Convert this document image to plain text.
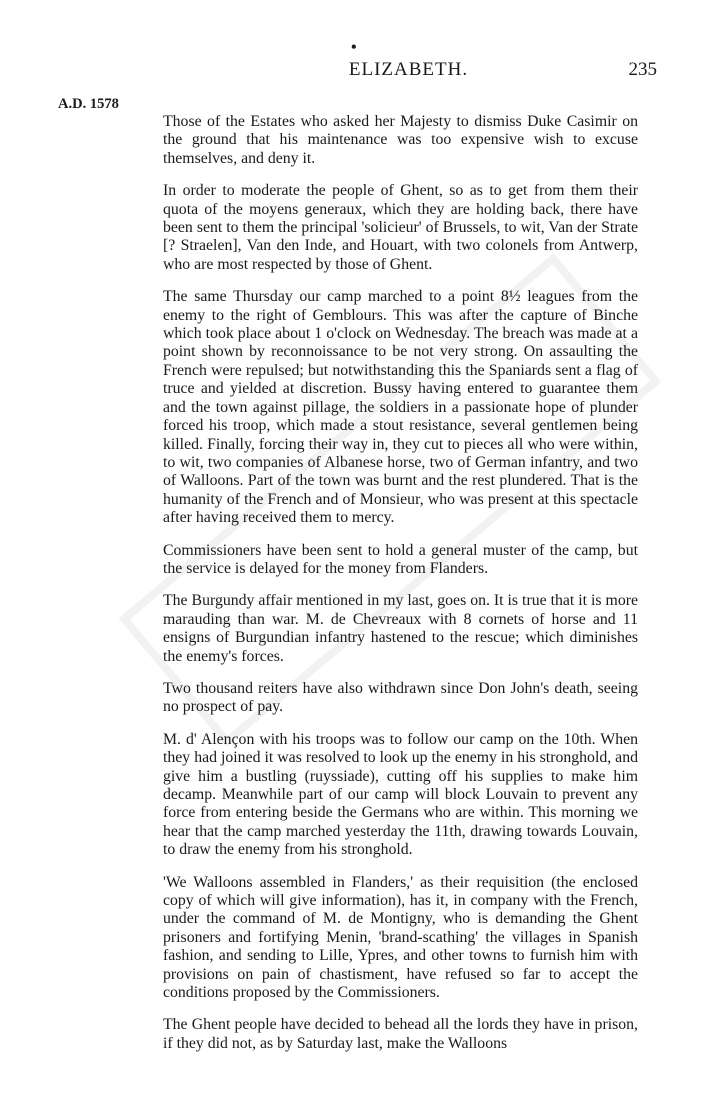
•
ELIZABETH.	235
A.D. 1578

Those of the Estates who asked her Majesty to dismiss Duke Casimir on the ground that his maintenance was too expensive wish to excuse themselves, and deny it.

In order to moderate the people of Ghent, so as to get from them their quota of the moyens generaux, which they are holding back, there have been sent to them the principal 'solicieur' of Brussels, to wit, Van der Strate [? Straelen], Van den Inde, and Houart, with two colonels from Antwerp, who are most respected by those of Ghent.

The same Thursday our camp marched to a point 8½ leagues from the enemy to the right of Gemblours. This was after the capture of Binche which took place about 1 o'clock on Wednesday. The breach was made at a point shown by reconnoissance to be not very strong. On assaulting the French were repulsed; but notwithstanding this the Spaniards sent a flag of truce and yielded at discretion. Bussy having entered to guarantee them and the town against pillage, the soldiers in a passionate hope of plunder forced his troop, which made a stout resistance, several gentlemen being killed. Finally, forcing their way in, they cut to pieces all who were within, to wit, two companies of Albanese horse, two of German infantry, and two of Walloons. Part of the town was burnt and the rest plundered. That is the humanity of the French and of Monsieur, who was present at this spectacle after having received them to mercy.

Commissioners have been sent to hold a general muster of the camp, but the service is delayed for the money from Flanders.

The Burgundy affair mentioned in my last, goes on. It is true that it is more marauding than war. M. de Chevreaux with 8 cornets of horse and 11 ensigns of Burgundian infantry hastened to the rescue; which diminishes the enemy's forces.

Two thousand reiters have also withdrawn since Don John's death, seeing no prospect of pay.

M. d' Alençon with his troops was to follow our camp on the 10th. When they had joined it was resolved to look up the enemy in his stronghold, and give him a bustling (ruyssiade), cutting off his supplies to make him decamp. Meanwhile part of our camp will block Louvain to prevent any force from entering beside the Germans who are within. This morning we hear that the camp marched yesterday the 11th, drawing towards Louvain, to draw the enemy from his stronghold.

'We Walloons assembled in Flanders,' as their requisition (the enclosed copy of which will give information), has it, in company with the French, under the command of M. de Montigny, who is demanding the Ghent prisoners and fortifying Menin, 'brand-scathing' the villages in Spanish fashion, and sending to Lille, Ypres, and other towns to furnish him with provisions on pain of chastisment, have refused so far to accept the conditions proposed by the Commissioners.

The Ghent people have decided to behead all the lords they have in prison, if they did not, as by Saturday last, make the Walloons
